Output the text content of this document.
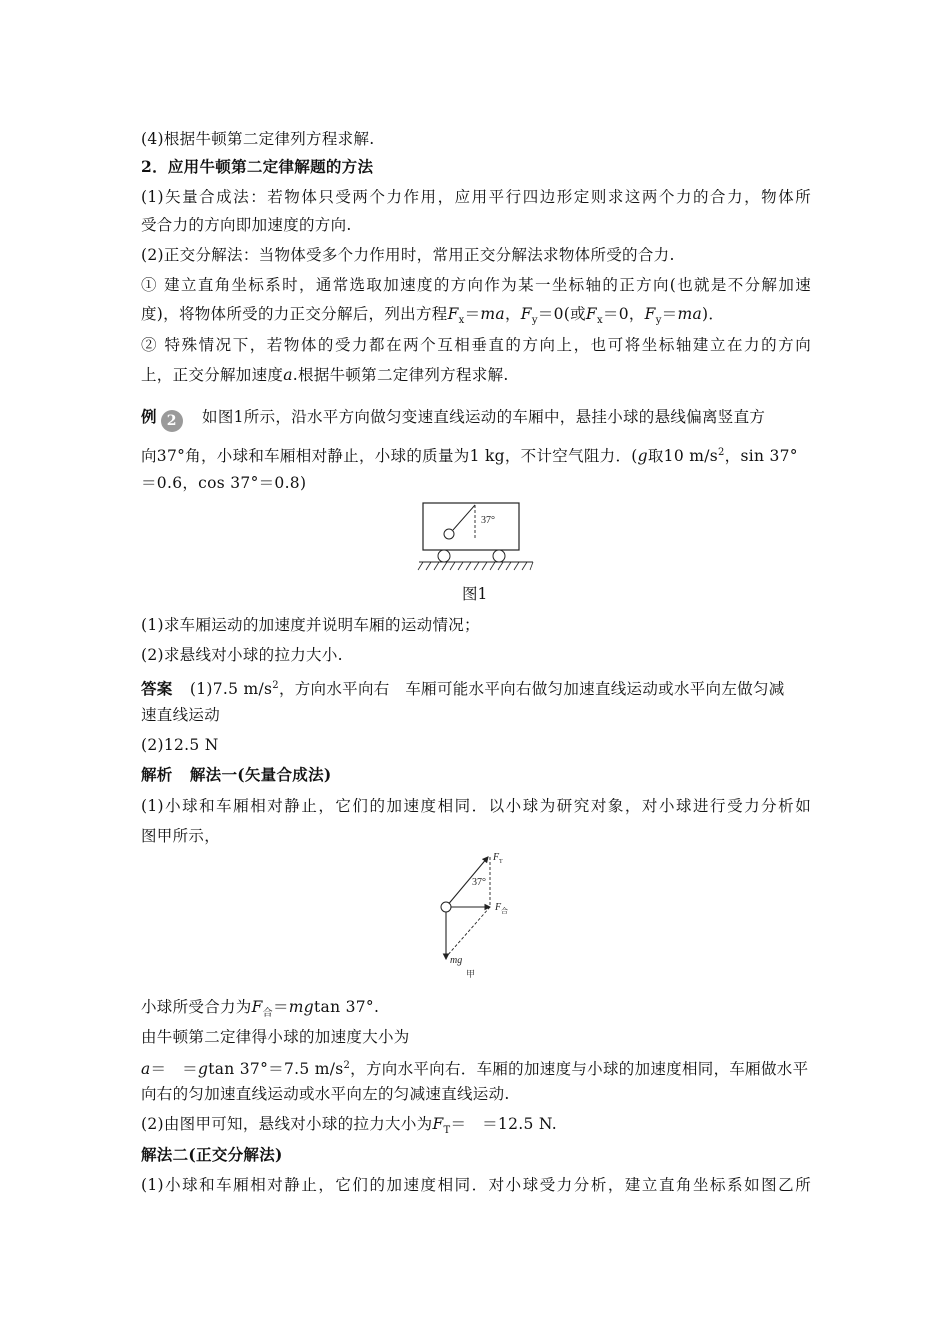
(4)根据牛顿第二定律列方程求解.
2．应用牛顿第二定律解题的方法
(1)矢量合成法：若物体只受两个力作用，应用平行四边形定则求这两个力的合力，物体所
受合力的方向即加速度的方向.
(2)正交分解法：当物体受多个力作用时，常用正交分解法求物体所受的合力.
① 建立直角坐标系时，通常选取加速度的方向作为某一坐标轴的正方向(也就是不分解加速
度)，将物体所受的力正交分解后，列出方程$F_x=ma$，$F_y=0$(或$F_x=0$，$F_y=ma$)．
② 特殊情况下，若物体的受力都在两个互相垂直的方向上，也可将坐标轴建立在力的方向
上，正交分解加速度a.根据牛顿第二定律列方程求解.
例 2 如图1所示，沿水平方向做匀变速直线运动的车厢中，悬挂小球的悬线偏离竖直方
向37°角，小球和车厢相对静止，小球的质量为1 kg，不计空气阻力．(g取10 $m/s^2$，sin 37°
＝0.6，cos 37°＝0.8)
37°
图1
(1)求车厢运动的加速度并说明车厢的运动情况；
(2)求悬线对小球的拉力大小.
答案 (1)7.5 $m/s^2$，方向水平向右　车厢可能水平向右做匀加速直线运动或水平向左做匀减
速直线运动
(2)12.5 N
解析 解法一(矢量合成法)
(1)小球和车厢相对静止，它们的加速度相同．以小球为研究对象，对小球进行受力分析如
图甲所示，
F T
37°
F 合
mg
甲
小球所受合力为$F_合=mgtan$ 37°.
由牛顿第二定律得小球的加速度大小为
a＝　＝gtan 37°＝7.5 $m/s^2$，方向水平向右．车厢的加速度与小球的加速度相同，车厢做水平
向右的匀加速直线运动或水平向左的匀减速直线运动.
(2)由图甲可知，悬线对小球的拉力大小为$F_T=$　＝12.5 N.
解法二(正交分解法)
(1)小球和车厢相对静止，它们的加速度相同．对小球受力分析，建立直角坐标系如图乙所
